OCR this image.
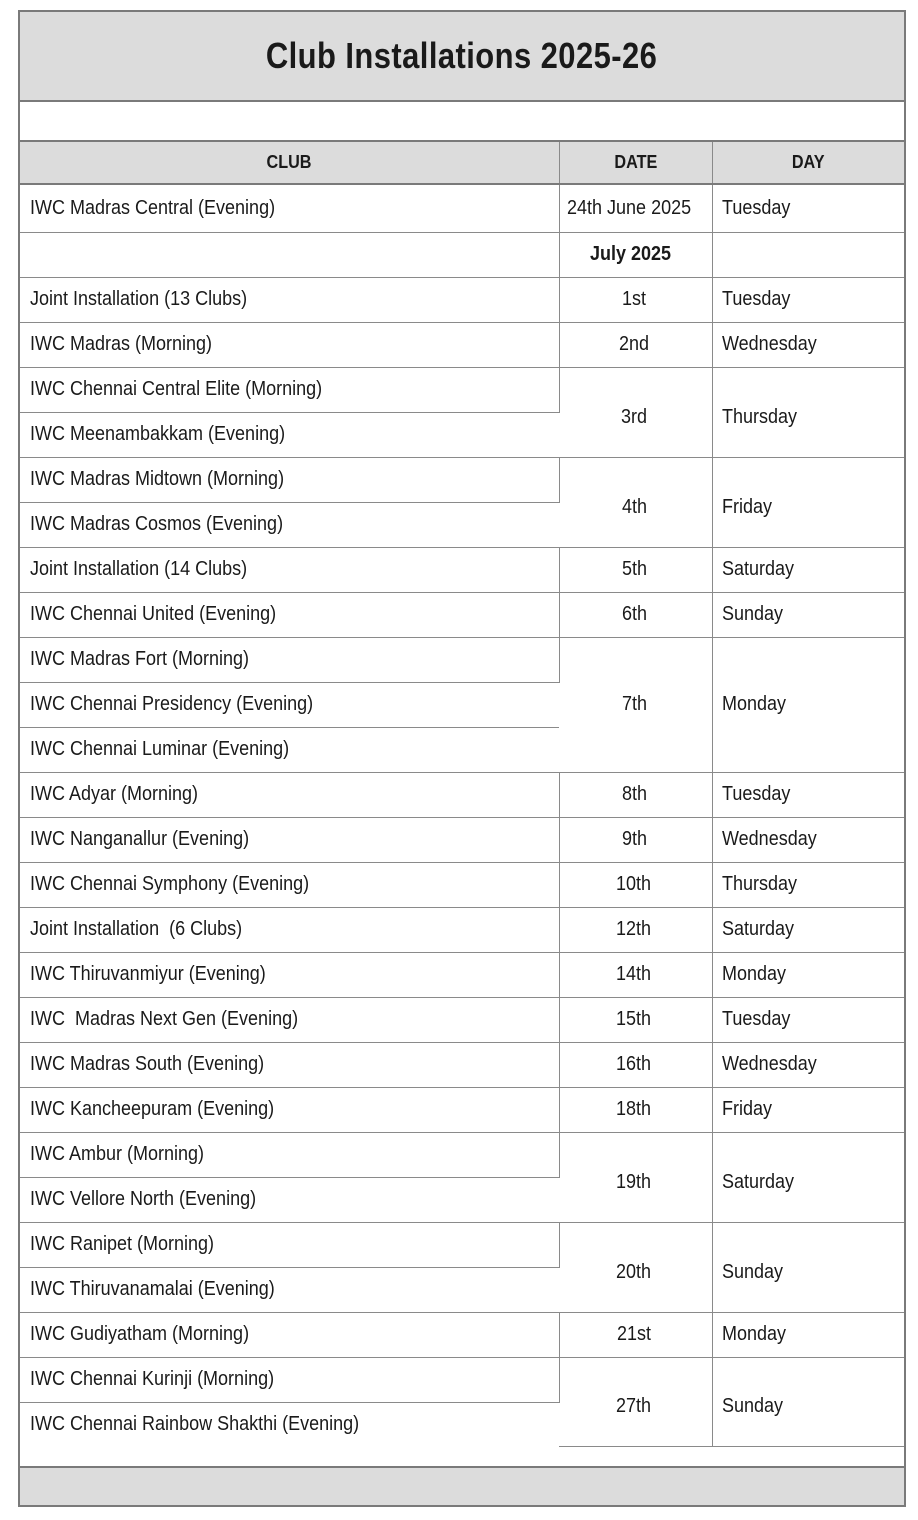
Club Installations 2025-26
CLUB	DATE	DAY
IWC Madras Central (Evening)	24th June 2025	Tuesday
	July 2025	
Joint Installation (13 Clubs)	1st	Tuesday
IWC Madras (Morning)	2nd	Wednesday
IWC Chennai Central Elite (Morning)	3rd	Thursday
IWC Meenambakkam (Evening)		
IWC Madras Midtown (Morning)	4th	Friday
IWC Madras Cosmos (Evening)		
Joint Installation (14 Clubs)	5th	Saturday
IWC Chennai United (Evening)	6th	Sunday
IWC Madras Fort (Morning)	7th	Monday
IWC Chennai Presidency (Evening)		
IWC Chennai Luminar (Evening)		
IWC Adyar (Morning)	8th	Tuesday
IWC Nanganallur (Evening)	9th	Wednesday
IWC Chennai Symphony (Evening)	10th	Thursday
Joint Installation  (6 Clubs)	12th	Saturday
IWC Thiruvanmiyur (Evening)	14th	Monday
IWC  Madras Next Gen (Evening)	15th	Tuesday
IWC Madras South (Evening)	16th	Wednesday
IWC Kancheepuram (Evening)	18th	Friday
IWC Ambur (Morning)	19th	Saturday
IWC Vellore North (Evening)		
IWC Ranipet (Morning)	20th	Sunday
IWC Thiruvanamalai (Evening)		
IWC Gudiyatham (Morning)	21st	Monday
IWC Chennai Kurinji (Morning)	27th	Sunday
IWC Chennai Rainbow Shakthi (Evening)		
